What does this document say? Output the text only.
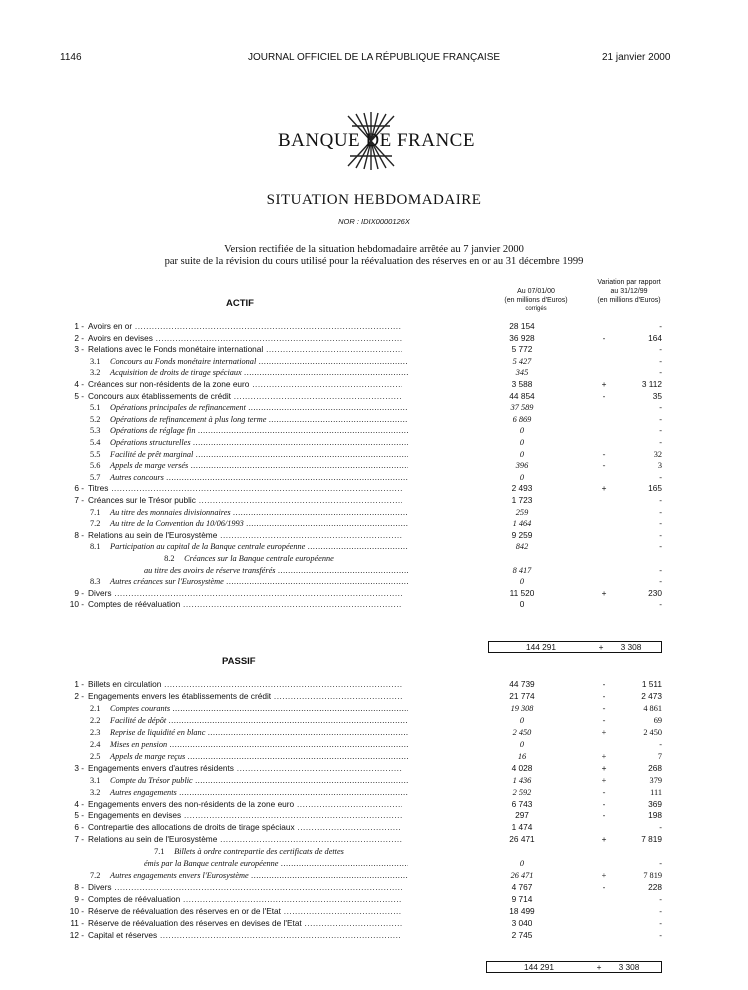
1146	JOURNAL OFFICIEL DE LA RÉPUBLIQUE FRANÇAISE	21 janvier 2000
BANQUE DE FRANCE
SITUATION HEBDOMADAIRE
NOR : IDIX0000126X
Version rectifiée de la situation hebdomadaire arrêtée au 7 janvier 2000
par suite de la révision du cours utilisé pour la réévaluation des réserves en or au 31 décembre 1999
Au 07/01/00
(en millions d'Euros)
corrigés
Variation par rapport
au 31/12/99
(en millions d'Euros)
ACTIF
1 - Avoirs en or .....	28 154	-
2 - Avoirs en devises .....	36 928	-	164
3 - Relations avec le Fonds monétaire international .....	5 772	-
3.1 Concours au Fonds monétaire international .....	5 427	-
3.2 Acquisition de droits de tirage spéciaux .....	345	-
4 - Créances sur non-résidents de la zone euro .....	3 588	+	3 112
5 - Concours aux établissements de crédit .....	44 854	-	35
5.1 Opérations principales de refinancement .....	37 589	-
5.2 Opérations de refinancement à plus long terme .....	6 869	-
5.3 Opérations de réglage fin .....	0	-
5.4 Opérations structurelles .....	0	-
5.5 Facilité de prêt marginal .....	0	-	32
5.6 Appels de marge versés .....	396	-	3
5.7 Autres concours .....	0	-
6 - Titres .....	2 493	+	165
7 - Créances sur le Trésor public .....	1 723	-
7.1 Au titre des monnaies divisionnaires .....	259	-
7.2 Au titre de la Convention du 10/06/1993 .....	1 464	-
8 - Relations au sein de l'Eurosystème .....	9 259	-
8.1 Participation au capital de la Banque centrale européenne .....	842	-
8.2 Créances sur la Banque centrale européenne
au titre des avoirs de réserve transférés .....	8 417	-
8.3 Autres créances sur l'Eurosystème .....	0	-
9 - Divers .....	11 520	+	230
10 - Comptes de réévaluation .....	0	-
144 291	+	3 308
PASSIF
1 - Billets en circulation .....	44 739	-	1 511
2 - Engagements envers les établissements de crédit .....	21 774	-	2 473
2.1 Comptes courants .....	19 308	-	4 861
2.2 Facilité de dépôt .....	0	-	69
2.3 Reprise de liquidité en blanc .....	2 450	+	2 450
2.4 Mises en pension .....	0	-
2.5 Appels de marge reçus .....	16	+	7
3 - Engagements envers d'autres résidents .....	4 028	+	268
3.1 Compte du Trésor public .....	1 436	+	379
3.2 Autres engagements .....	2 592	-	111
4 - Engagements envers des non-résidents de la zone euro .....	6 743	-	369
5 - Engagements en devises .....	297	-	198
6 - Contrepartie des allocations de droits de tirage spéciaux .....	1 474	-
7 - Relations au sein de l'Eurosystème .....	26 471	+	7 819
7.1 Billets à ordre contrepartie des certificats de dettes
émis par la Banque centrale européenne .....	0	-
7.2 Autres engagements envers l'Eurosystème .....	26 471	+	7 819
8 - Divers .....	4 767	-	228
9 - Comptes de réévaluation .....	9 714	-
10 - Réserve de réévaluation des réserves en or de l'Etat .....	18 499	-
11 - Réserve de réévaluation des réserves en devises de l'Etat .....	3 040	-
12 - Capital et réserves .....	2 745	-
144 291	+	3 308
